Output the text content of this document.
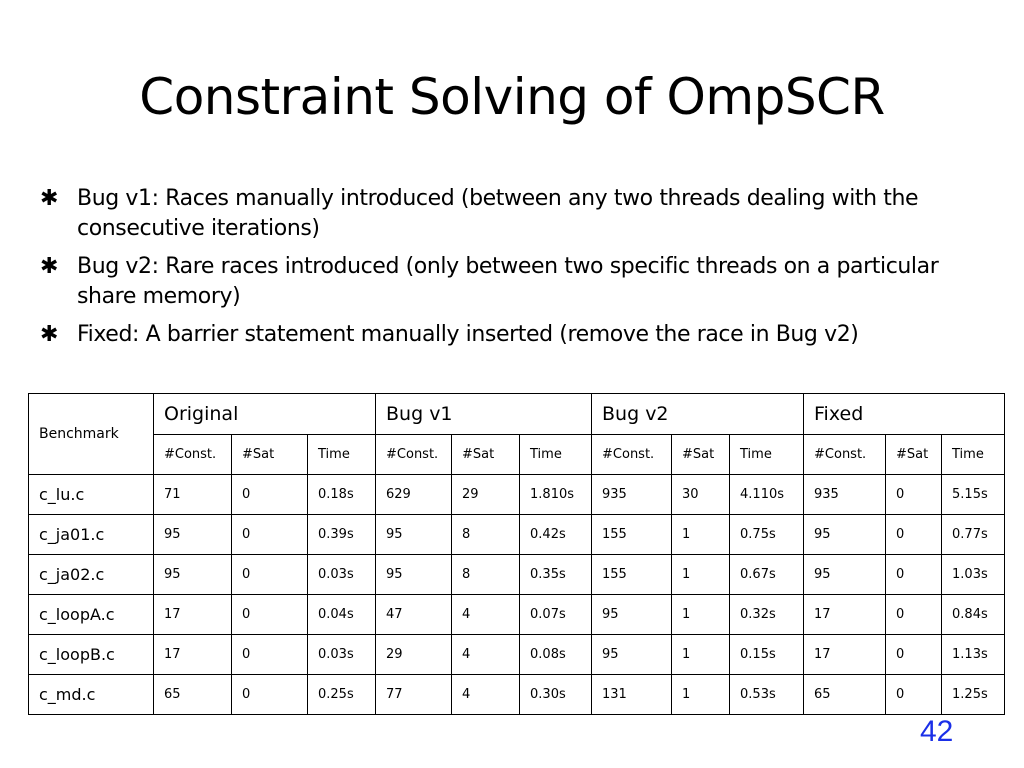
Constraint Solving of OmpSCR
✱ Bug v1: Races manually introduced (between any two threads dealing with the consecutive iterations)
✱ Bug v2: Rare races introduced (only between two specific threads on a particular share memory)
✱ Fixed: A barrier statement manually inserted (remove the race in Bug v2)
Benchmark	Original			Bug v1			Bug v2			Fixed		
	#Const.	#Sat	Time	#Const.	#Sat	Time	#Const.	#Sat	Time	#Const.	#Sat	Time
c_lu.c	71	0	0.18s	629	29	1.810s	935	30	4.110s	935	0	5.15s
c_ja01.c	95	0	0.39s	95	8	0.42s	155	1	0.75s	95	0	0.77s
c_ja02.c	95	0	0.03s	95	8	0.35s	155	1	0.67s	95	0	1.03s
c_loopA.c	17	0	0.04s	47	4	0.07s	95	1	0.32s	17	0	0.84s
c_loopB.c	17	0	0.03s	29	4	0.08s	95	1	0.15s	17	0	1.13s
c_md.c	65	0	0.25s	77	4	0.30s	131	1	0.53s	65	0	1.25s
42
